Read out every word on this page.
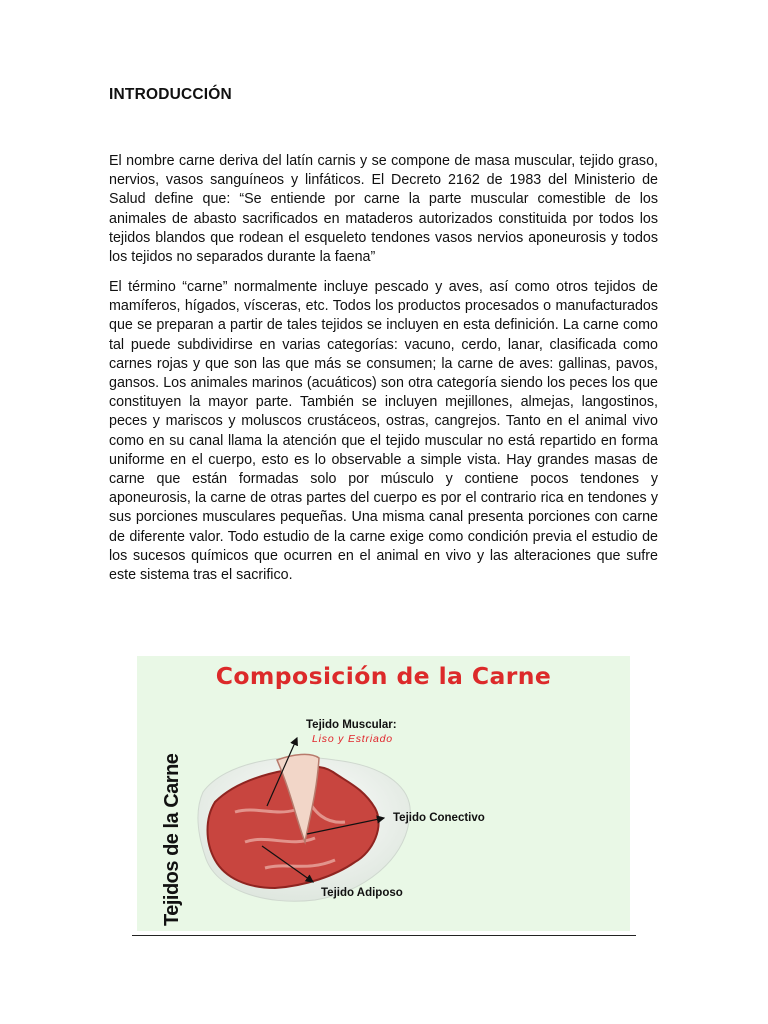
INTRODUCCIÓN

El nombre carne deriva del latín carnis y se compone de masa muscular, tejido graso, nervios, vasos sanguíneos y linfáticos. El Decreto 2162 de 1983 del Ministerio de Salud define que: “Se entiende por carne la parte muscular comestible de los animales de abasto sacrificados en mataderos autorizados constituida por todos los tejidos blandos que rodean el esqueleto tendones vasos nervios aponeurosis y todos los tejidos no separados durante la faena”

El término “carne” normalmente incluye pescado y aves, así como otros tejidos de mamíferos, hígados, vísceras, etc. Todos los productos procesados o manufacturados que se preparan a partir de tales tejidos se incluyen en esta definición. La carne como tal puede subdividirse en varias categorías: vacuno, cerdo, lanar, clasificada como carnes rojas y que son las que más se consumen; la carne de aves: gallinas, pavos, gansos. Los animales marinos (acuáticos) son otra categoría siendo los peces los que constituyen la mayor parte. También se incluyen mejillones, almejas, langostinos, peces y mariscos y moluscos crustáceos, ostras, cangrejos. Tanto en el animal vivo como en su canal llama la atención que el tejido muscular no está repartido en forma uniforme en el cuerpo, esto es lo observable a simple vista. Hay grandes masas de carne que están formadas solo por músculo y contiene pocos tendones y aponeurosis, la carne de otras partes del cuerpo es por el contrario rica en tendones y sus porciones musculares pequeñas. Una misma canal presenta porciones con carne de diferente valor. Todo estudio de la carne exige como condición previa el estudio de los sucesos químicos que ocurren en el animal en vivo y las alteraciones que sufre este sistema tras el sacrifico.

Composición de la Carne
Tejidos de la Carne
Tejido Muscular:
Liso y Estriado
Tejido Conectivo
Tejido Adiposo
